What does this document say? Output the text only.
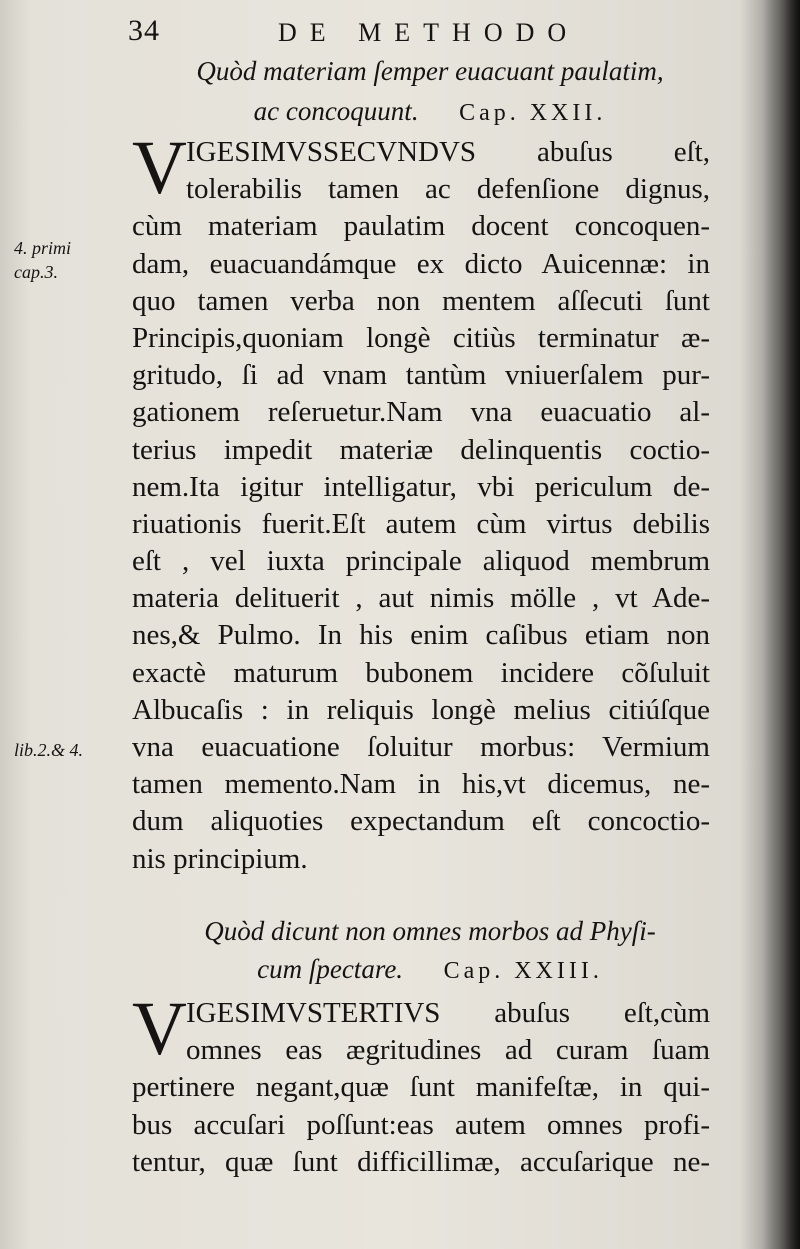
34	DE METHODO
Quòd materiam ſemper euacuant paulatim,
ac concoquunt. Cap. XXII.
V IGESIMVSSECVNDVS abuſus eſt,
tolerabilis tamen ac defenſione dignus,
cùm materiam paulatim docent concoquen-
dam, euacuandámque ex dicto Auicennæ: in
quo tamen verba non mentem aſſecuti ſunt
Principis,quoniam longè citiùs terminatur æ-
gritudo, ſi ad vnam tantùm vniuerſalem pur-
gationem reſeruetur.Nam vna euacuatio al-
terius impedit materiæ delinquentis coctio-
nem.Ita igitur intelligatur, vbi periculum de-
riuationis fuerit.Eſt autem cùm virtus debilis
eſt , vel iuxta principale aliquod membrum
materia delituerit , aut nimis mölle , vt Ade-
nes,& Pulmo. In his enim caſibus etiam non
exactè maturum bubonem incidere cõſuluit
Albucaſis : in reliquis longè melius citiúſque
vna euacuatione ſoluitur morbus: Vermium
tamen memento.Nam in his,vt dicemus, ne-
dum aliquoties expectandum eſt concoctio-
nis principium.
Quòd dicunt non omnes morbos ad Phyſi-
cum ſpectare. Cap. XXIII.
V IGESIMVSTERTIVS abuſus eſt,cùm
omnes eas ægritudines ad curam ſuam
pertinere negant,quæ ſunt manifeſtæ, in qui-
bus accuſari poſſunt:eas autem omnes profi-
tentur, quæ ſunt difficillimæ, accuſarique ne-
4. primi
cap.3.
lib.2.& 4.
